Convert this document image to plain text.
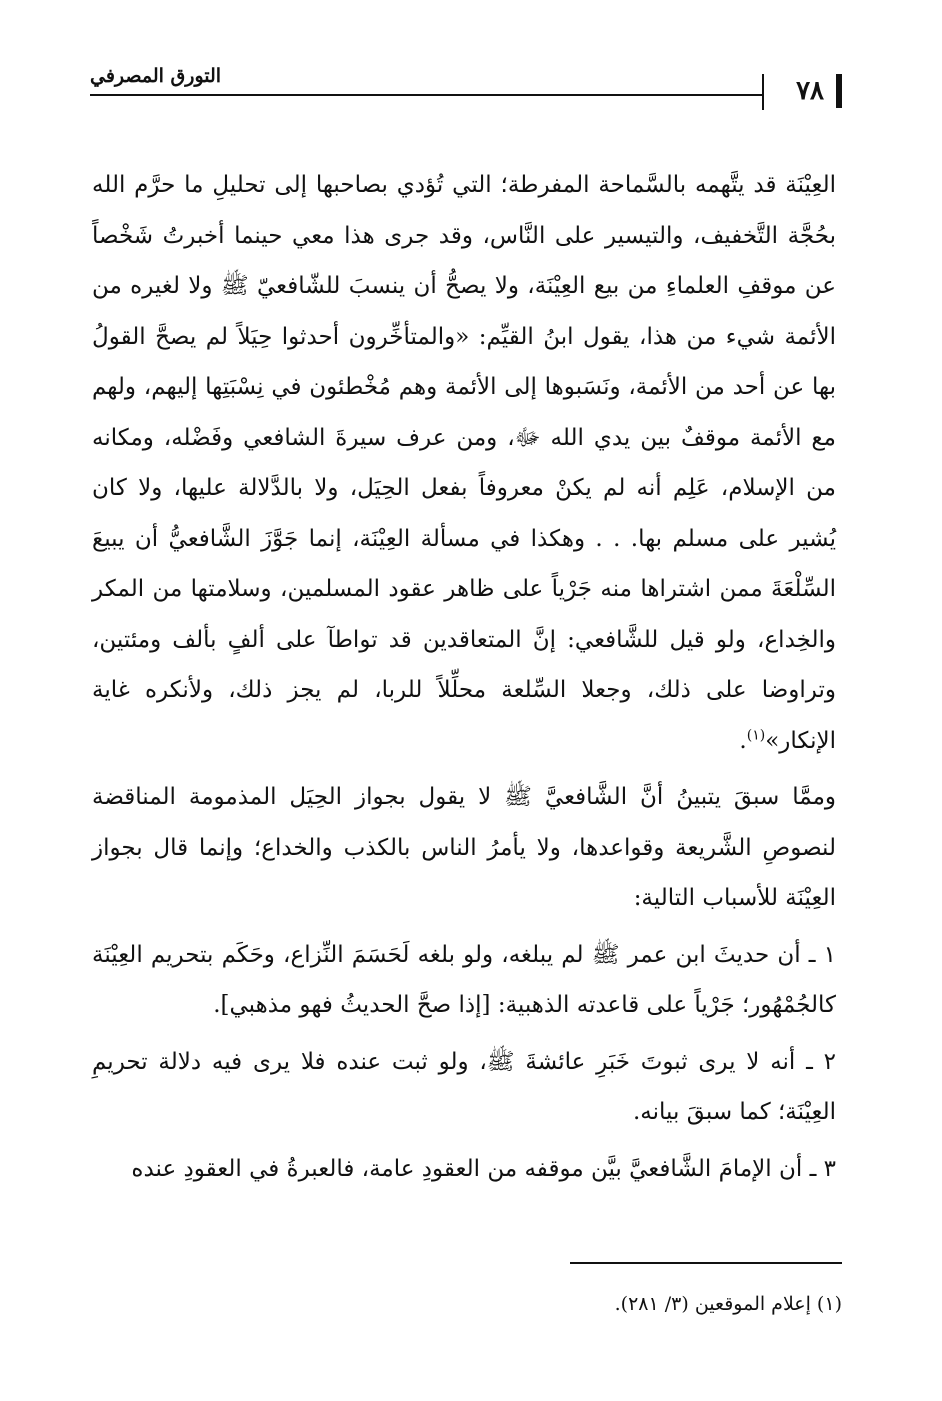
٧٨
التورق المصرفي

العِيْنَة قد يتَّهمه بالسَّماحة المفرطة؛ التي تُؤدي بصاحبها إلى تحليلِ ما حرَّم الله بحُجَّة التَّخفيف، والتيسير على النَّاس، وقد جرى هذا معي حينما أخبرتُ شَخْصاً عن موقفِ العلماءِ من بيع العِيْنَة، ولا يصحُّ أن ينسبَ للشّافعيّ ﷺ ولا لغيره من الأئمة شيء من هذا، يقول ابنُ القيِّم: «والمتأخِّرون أحدثوا حِيَلاً لم يصحَّ القولُ بها عن أحد من الأئمة، ونَسَبوها إلى الأئمة وهم مُخْطئون في نِسْبَتِها إليهم، ولهم مع الأئمة موقفٌ بين يدي الله ﷻ، ومن عرف سيرةَ الشافعي وفَضْله، ومكانه من الإسلام، عَلِم أنه لم يكنْ معروفاً بفعل الحِيَل، ولا بالدَّلالة عليها، ولا كان يُشير على مسلم بها. . . وهكذا في مسألة العِيْنَة، إنما جَوَّزَ الشَّافعيُّ أن يبيعَ السِّلْعَةَ ممن اشتراها منه جَرْياً على ظاهر عقود المسلمين، وسلامتها من المكر والخِداع، ولو قيل للشَّافعي: إنَّ المتعاقدين قد تواطآ على ألفٍ بألف ومئتين، وتراوضا على ذلك، وجعلا السِّلعة محلِّلاً للربا، لم يجز ذلك، ولأنكره غاية الإنكار»$^{(١)}$.

وممَّا سبقَ يتبينُ أنَّ الشَّافعيَّ ﷺ لا يقول بجواز الحِيَل المذمومة المناقضة لنصوصِ الشَّريعة وقواعدها، ولا يأمرُ الناس بالكذب والخداع؛ وإنما قال بجواز العِيْنَة للأسباب التالية:

١ ـ أن حديثَ ابن عمر ﷺ لم يبلغه، ولو بلغه لَحَسَمَ النِّزاع، وحَكَم بتحريم العِيْنَة كالجُمْهُور؛ جَرْياً على قاعدته الذهبية: [إذا صحَّ الحديثُ فهو مذهبي].

٢ ـ أنه لا يرى ثبوتَ خَبَرِ عائشةَ ﷺ، ولو ثبت عنده فلا يرى فيه دلالة تحريمِ العِيْنَة؛ كما سبقَ بيانه.

٣ ـ أن الإمامَ الشَّافعيَّ بيَّن موقفه من العقودِ عامة، فالعبرةُ في العقودِ عنده

(١) إعلام الموقعين (٣/ ٢٨١).
